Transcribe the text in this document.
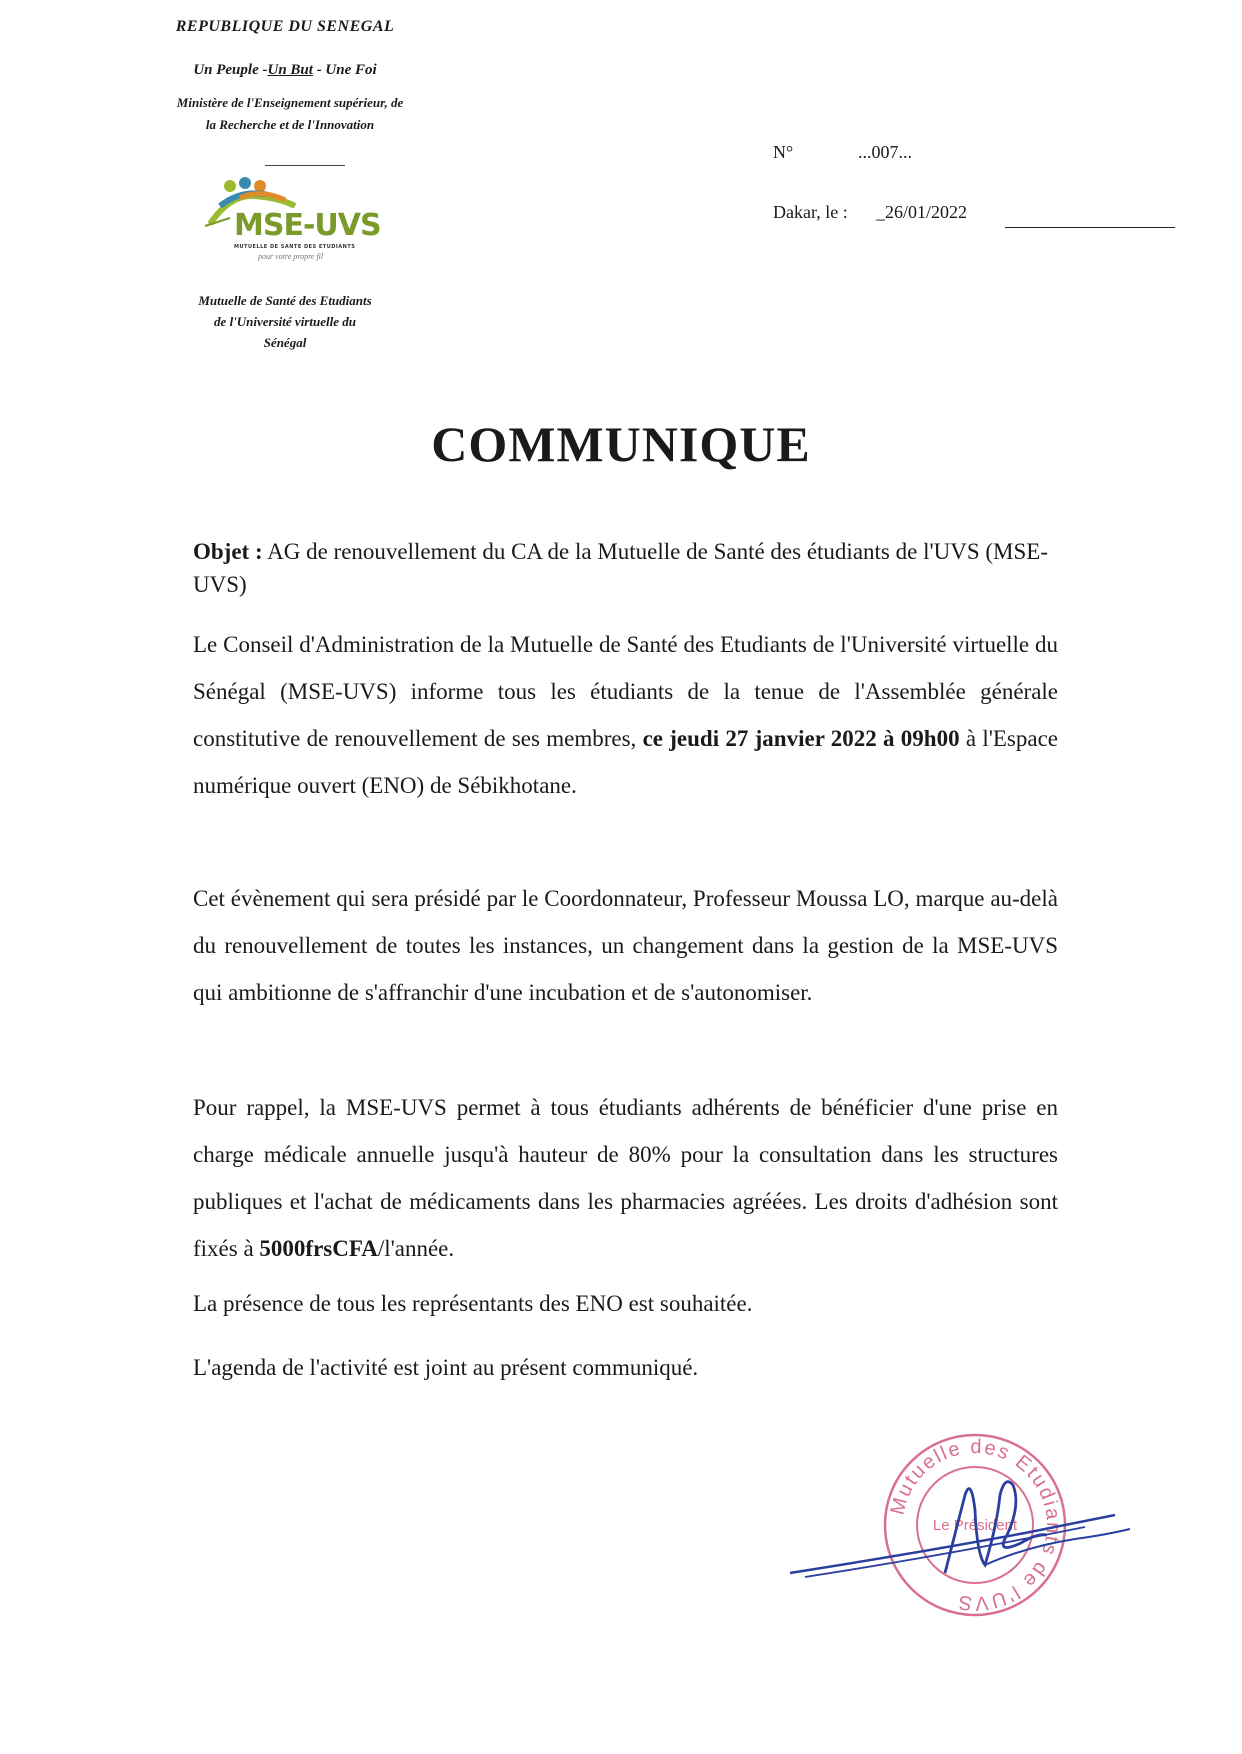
REPUBLIQUE DU SENEGAL
Un Peuple -Un But - Une Foi
Ministère de l'Enseignement supérieur, de
la Recherche et de l'Innovation
MSE-UVS
MUTUELLE DE SANTE DES ETUDIANTS
pour votre propre fil
Mutuelle de Santé des Etudiants
de l'Université virtuelle du
Sénégal
N°	...007...
Dakar, le : _26/01/2022
COMMUNIQUE
Objet : AG de renouvellement du CA de la Mutuelle de Santé des étudiants de l'UVS (MSE-UVS)
Le Conseil d'Administration de la Mutuelle de Santé des Etudiants de l'Université virtuelle du Sénégal (MSE-UVS) informe tous les étudiants de la tenue de l'Assemblée générale constitutive de renouvellement de ses membres, ce jeudi 27 janvier 2022 à 09h00 à l'Espace numérique ouvert (ENO) de Sébikhotane.
Cet évènement qui sera présidé par le Coordonnateur, Professeur Moussa LO, marque au-delà du renouvellement de toutes les instances, un changement dans la gestion de la MSE-UVS qui ambitionne de s'affranchir d'une incubation et de s'autonomiser.
Pour rappel, la MSE-UVS permet à tous étudiants adhérents de bénéficier d'une prise en charge médicale annuelle jusqu'à hauteur de 80% pour la consultation dans les structures publiques et l'achat de médicaments dans les pharmacies agréées. Les droits d'adhésion sont fixés à 5000frsCFA/l'année.
La présence de tous les représentants des ENO est souhaitée.
L'agenda de l'activité est joint au présent communiqué.
Mutuelle des Etudiants de l'UVS
Le Président
